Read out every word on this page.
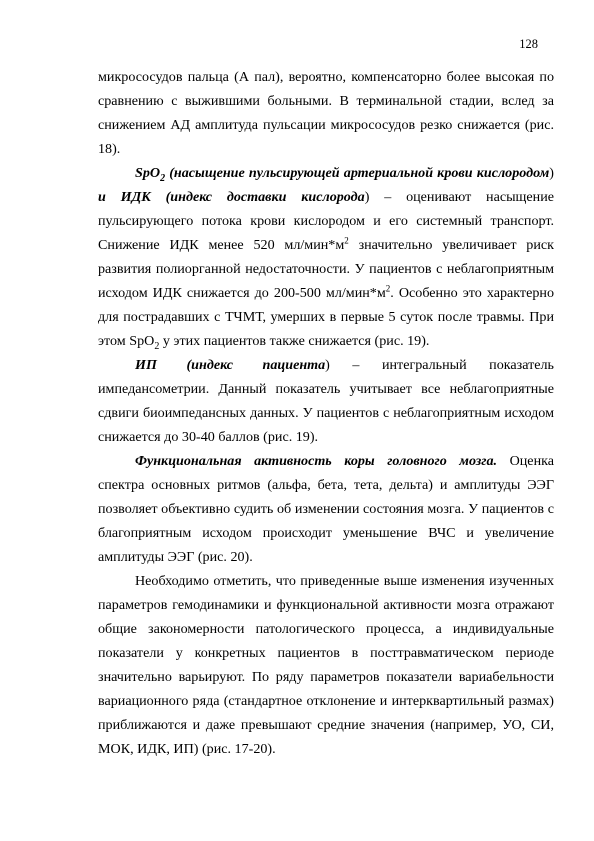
128

микрососудов пальца (А пал), вероятно, компенсаторно более высокая по сравнению с выжившими больными. В терминальной стадии, вслед за снижением АД амплитуда пульсации микрососудов резко снижается (рис. 18).

SpO$_2$ (насыщение пульсирующей артериальной крови кислородом) и ИДК (индекс доставки кислорода) – оценивают насыщение пульсирующего потока крови кислородом и его системный транспорт. Снижение ИДК менее 520 $мл/мин*м^2$ значительно увеличивает риск развития полиорганной недостаточности. У пациентов с неблагоприятным исходом ИДК снижается до 200-500 $мл/мин*м^2$. Особенно это характерно для пострадавших с ТЧМТ, умерших в первые 5 суток после травмы. При этом SpO$_2$ у этих пациентов также снижается (рис. 19).

ИП (индекс пациента) – интегральный показатель импедансометрии. Данный показатель учитывает все неблагоприятные сдвиги биоимпедансных данных. У пациентов с неблагоприятным исходом снижается до 30-40 баллов (рис. 19).

Функциональная активность коры головного мозга. Оценка спектра основных ритмов (альфа, бета, тета, дельта) и амплитуды ЭЭГ позволяет объективно судить об изменении состояния мозга. У пациентов с благоприятным исходом происходит уменьшение ВЧС и увеличение амплитуды ЭЭГ (рис. 20).

Необходимо отметить, что приведенные выше изменения изученных параметров гемодинамики и функциональной активности мозга отражают общие закономерности патологического процесса, а индивидуальные показатели у конкретных пациентов в посттравматическом периоде значительно варьируют. По ряду параметров показатели вариабельности вариационного ряда (стандартное отклонение и интерквартильный размах) приближаются и даже превышают средние значения (например, УО, СИ, МОК, ИДК, ИП) (рис. 17-20).
